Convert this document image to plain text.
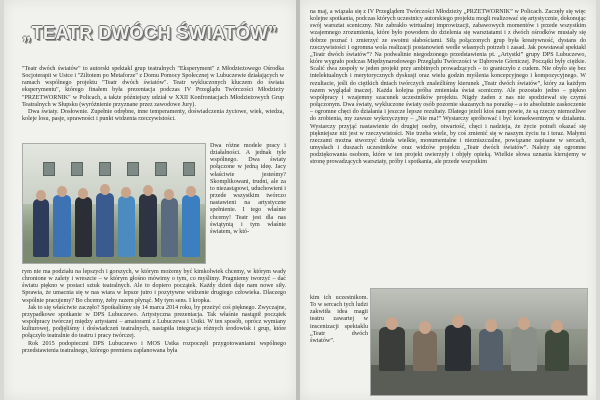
„TEATR DWÓCH ŚWIATÓW”

"Teatr dwóch światów" to autorski spektakl grup teatralnych "Eksperyment" z Młodzieżowego Ośrodka Socjoterapii w Ustce i "Ziltotem po Metaforze" z Domu Pomocy Społecznej w Lubuczewie działających w ramach wspólnego projektu "Teatr dwóch światów". Teatr wykluczonych kluczem do świata eksperymentu", którego finałem była prezentacja podczas IV Przeglądu Twórczości Młodzieży "PRZETWORNIK" w Policach, a także późniejszy udział w XXII Konfrontacjach Młodzieżowych Grup Teatralnych w Słupsku (wyróżnienie przyznane przez zawodowe Jury).

Dwa światy. Dosłownie. Zupełnie odrębne, inne temperamenty, doświadczenia życiowe, wiek, wiedza, koleje losu, pasje, sprawności i punkt widzenia rzeczywistości.

Dwa różne modele pracy i działalności. A jednak tyle wspólnego. Dwa światy połączone w jedną ideę. Jacy właściwie jesteśmy? Skomplikowani, trudni, ale za to niezastąpowi, uduchowieni i przede wszystkim twórczo nastawieni na artystyczne spełnienie. I tego właśnie chcemy! Teatr jest dla nas świątynią i tym właśnie światem, w któ-

rym nie ma podziału na lepszych i gorszych, w którym możemy być kimkolwiek chcemy, w którym wady chronione w zalety i wreszcie – w którym głośno mówimy o tym, co myślimy. Pragniemy tworzyć – dać światu piękno w postaci sztuk teatralnych. Ale to dopiero początek. Każdy dzień daje nam nowe siły. Sprawia, że umacnia się w nas wiara w lepsze jutro i pozytywne widzenie drugiego człowieka. Dlaczego wspólnie pracujemy? Bo chcemy, żeby razem płynąć. My tym sens. I kropka.

Jak to się właściwie zaczęło? Spotkaliśmy się 14 marca 2014 roku, by przeżyć coś pięknego. Zwyczajne, przypadkowe spotkanie w DPS Lubuczewo. Artystyczna prezentacja. Tak właśnie nastąpił początek współpracy twórczej między artystami – amatorami z Lubuczewa i Ustki. W ten sposób, oprócz wymiany kulturowej, podjęliśmy i doświadczeń teatralnych, nastąpiła integracja różnych środowisk i grup, które połączyło teatralnie do teatru i pracy twórczej.

Rok 2015 podopieczni DPS Lubuczewo i MOS Ustka rozpoczęli przygotowaniami wspólnego przedstawienia teatralnego, którego premiera zaplanowana była

na maj, a wiązała się z IV Przeglądem Twórczości Młodzieży „PRZETWORNIK” w Policach. Zaczęły się więc kolejne spotkania, podczas których uczestnicy autorskiego projektu mogli realizować się artystycznie, dokonując swój warsztat sceniczny. Nie zabrakło wirtualnej improwizacji, zabawowych momentów i przede wszystkim wzajemnego zrozumienia, które było powodem do dzielenia się warsztatami i z dwóch ośrodków musiały się dobrze poznać i zmierzyć ze swoimi słabościami. Siłą połączonych grup była kreatywność, dystans do rzeczywistości i ogromna wola realizacji postanowień wedle własnych potrzeb i zasad. Jak powstawał spektakl „Teatr dwóch światów”? Na podwalinie niegodzonego przedstawienia pt. „Artystki” grupy DPS Lubuczewo, które wygrało podczas Międzynarodowego Przeglądu Twórczości w Dąbrowie Górniczej. Początki były ciężkie. Scalić dwa zespoły w jeden projekt przy ambitnych prowadzących – to graniczyło z cudem. Nie obyło się bez intelektualnych i merytorycznych dyskusji oraz wielu godzin myślenia koncepcyjnego i kompozycyjnego. W rezultacie, jeśli do ciężkich dniach twórczych znaleźliśmy kierunek „Teatr dwóch światów”, który za każdym razem wyglądał inaczej. Każda kolejna próba zmieniała świat sceniczny. Ale pozostało jedno – piękno współpracy i wzajemny szacunek uczestników projektu. Nigdy żaden z nas nie spodziewał się czymś połączonym. Dwa światy, wykluczone światy osób pozornie skazanych na porażkę – a to absolutnie zaskoczenie – ogromne chęci do działania i jeszcze lepsze rezultaty. Dlatego jeżeli ktoś nam powie, że są rzeczy niemożliwe do zrobienia, my zawsze wykrzyczymy – „Nie ma!” Wystarczy spróbować i być konsekwentnym w działaniu. Wystarczy przyjąć nastawienie do drugiej osoby, otwartość, chęci i nadzieja, że życie potrafi okazać się piękniejsze niż jest w rzeczywistości. Nie trzeba wiele, by coś zmienić się w naszym życiu tu i teraz. Małymi rzeczami można stworzyć dzieła wielkie, monumentalne i niezniszczalne, powiązane zapisane w sercach, umysłach i duszach uczestników oraz widzów projektu „Teatr dwóch światów”. Należy się ogromne podziękowania osobom, które w ten projekt uwierzyły i objęły opieką. Wielkie słowa uznania kierujemy w stronę prowadzących warsztaty, próby i spotkania, ale przede wszystkim

kim ich uczestnikom. To w sercach tych ludzi zakwitła idea magii teatru zawartej w inscenizacji spektaklu „Teatr dwóch światów”.
